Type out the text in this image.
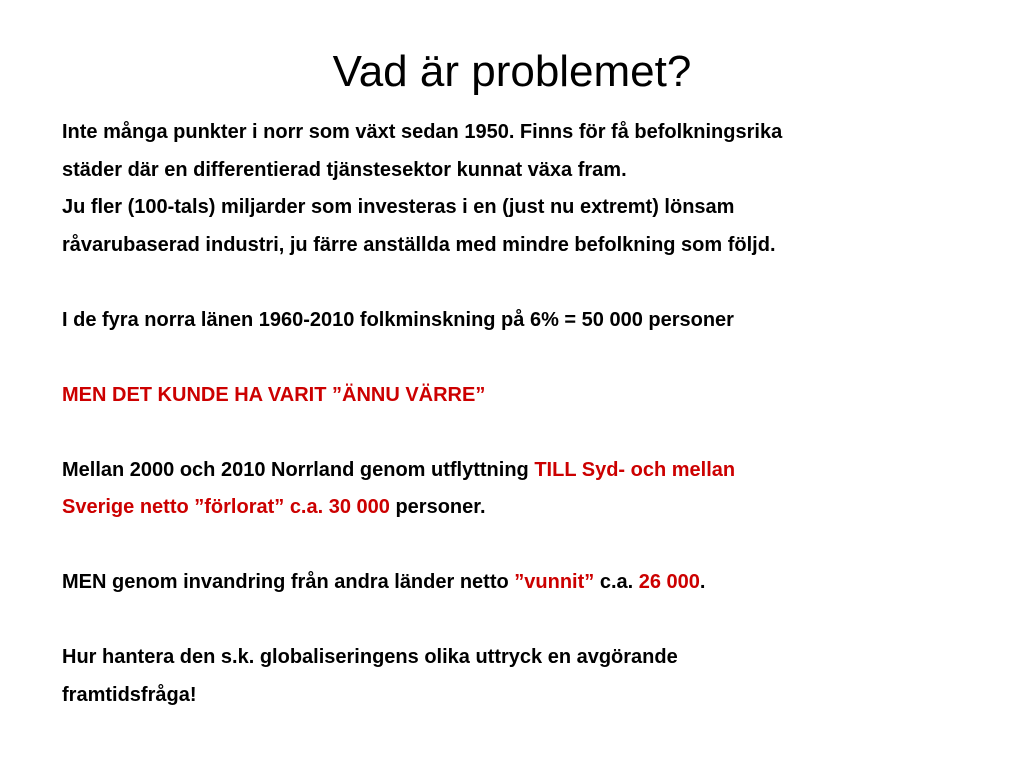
Vad är problemet?

Inte många punkter i norr som växt sedan 1950. Finns för få befolkningsrika
städer där en differentierad tjänstesektor kunnat växa fram.

Ju fler (100-tals) miljarder som investeras i en (just nu extremt) lönsam
råvarubaserad industri, ju färre anställda med mindre befolkning som följd.

I de fyra norra länen 1960-2010 folkminskning på 6% = 50 000 personer

MEN DET KUNDE HA VARIT ”ÄNNU VÄRRE”

Mellan 2000 och 2010 Norrland genom utflyttning TILL Syd- och mellan
Sverige netto ”förlorat” c.a. 30 000 personer.

MEN genom invandring från andra länder netto ”vunnit” c.a. 26 000.

Hur hantera den s.k. globaliseringens olika uttryck en avgörande
framtidsfråga!
